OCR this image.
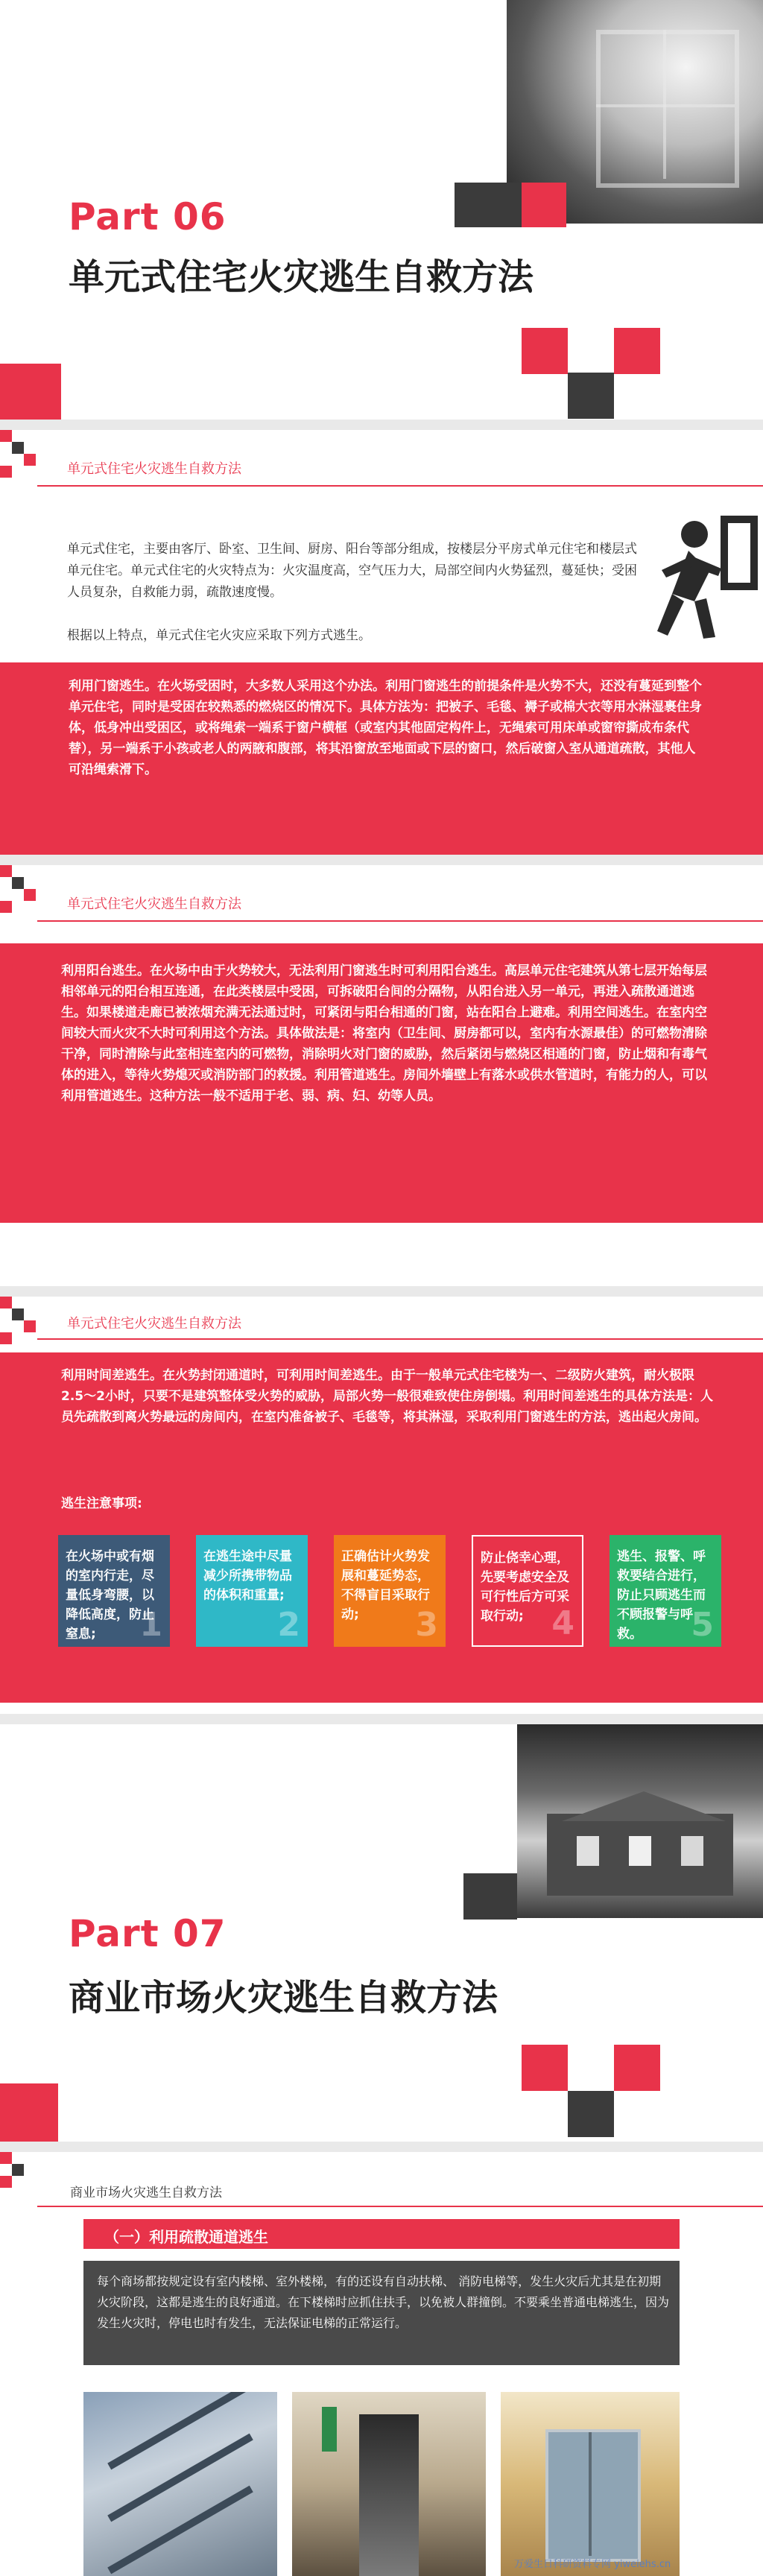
Part 06
单元式住宅火灾逃生自救方法
单元式住宅火灾逃生自救方法
单元式住宅，主要由客厅、卧室、卫生间、厨房、阳台等部分组成，按楼层分平房式单元住宅和楼层式单元住宅。单元式住宅的火灾特点为：火灾温度高，空气压力大，局部空间内火势猛烈，蔓延快；受困人员复杂，自救能力弱，疏散速度慢。
根据以上特点，单元式住宅火灾应采取下列方式逃生。
利用门窗逃生。在火场受困时，大多数人采用这个办法。利用门窗逃生的前提条件是火势不大，还没有蔓延到整个单元住宅，同时是受困在较熟悉的燃烧区的情况下。具体方法为：把被子、毛毯、褥子或棉大衣等用水淋湿裹住身体，低身冲出受困区，或将绳索一端系于窗户横框（或室内其他固定构件上，无绳索可用床单或窗帘撕成布条代替），另一端系于小孩或老人的两腋和腹部，将其沿窗放至地面或下层的窗口，然后破窗入室从通道疏散，其他人可沿绳索滑下。
单元式住宅火灾逃生自救方法
利用阳台逃生。在火场中由于火势较大，无法利用门窗逃生时可利用阳台逃生。高层单元住宅建筑从第七层开始每层相邻单元的阳台相互连通，在此类楼层中受困，可拆破阳台间的分隔物，从阳台进入另一单元，再进入疏散通道逃生。如果楼道走廊已被浓烟充满无法通过时，可紧闭与阳台相通的门窗，站在阳台上避难。利用空间逃生。在室内空间较大而火灾不大时可利用这个方法。具体做法是：将室内（卫生间、厨房都可以，室内有水源最佳）的可燃物清除干净，同时清除与此室相连室内的可燃物，消除明火对门窗的威胁，然后紧闭与燃烧区相通的门窗，防止烟和有毒气体的进入，等待火势熄灭或消防部门的救援。利用管道逃生。房间外墙壁上有落水或供水管道时，有能力的人，可以利用管道逃生。这种方法一般不适用于老、弱、病、妇、幼等人员。
单元式住宅火灾逃生自救方法
利用时间差逃生。在火势封闭通道时，可利用时间差逃生。由于一般单元式住宅楼为一、二级防火建筑，耐火极限2.5～2小时，只要不是建筑整体受火势的威胁，局部火势一般很难致使住房倒塌。利用时间差逃生的具体方法是：人员先疏散到离火势最远的房间内，在室内准备被子、毛毯等，将其淋湿，采取利用门窗逃生的方法，逃出起火房间。
逃生注意事项:
在火场中或有烟的室内行走，尽量低身弯腰，以降低高度，防止窒息;	1
在逃生途中尽量减少所携带物品的体积和重量;
2
正确估计火势发展和蔓延势态，不得盲目采取行动;	3
防止侥幸心理，先要考虑安全及可行性后方可采取行动; 4
逃生、报警、呼救要结合进行，防止只顾逃生而不顾报警与呼救。	5
Part 07
商业市场火灾逃生自救方法
商业市场火灾逃生自救方法
（一）利用疏散通道逃生
每个商场都按规定设有室内楼梯、室外楼梯，有的还设有自动扶梯、 消防电梯等，发生火灾后尤其是在初期火灾阶段，这都是逃生的良好通道。在下楼梯时应抓住扶手，以免被人群撞倒。不要乘坐普通电梯逃生，因为发生火灾时，停电也时有发生，无法保证电梯的正常运行。
万爱生日科研资料专网 yiweiehs.cn
